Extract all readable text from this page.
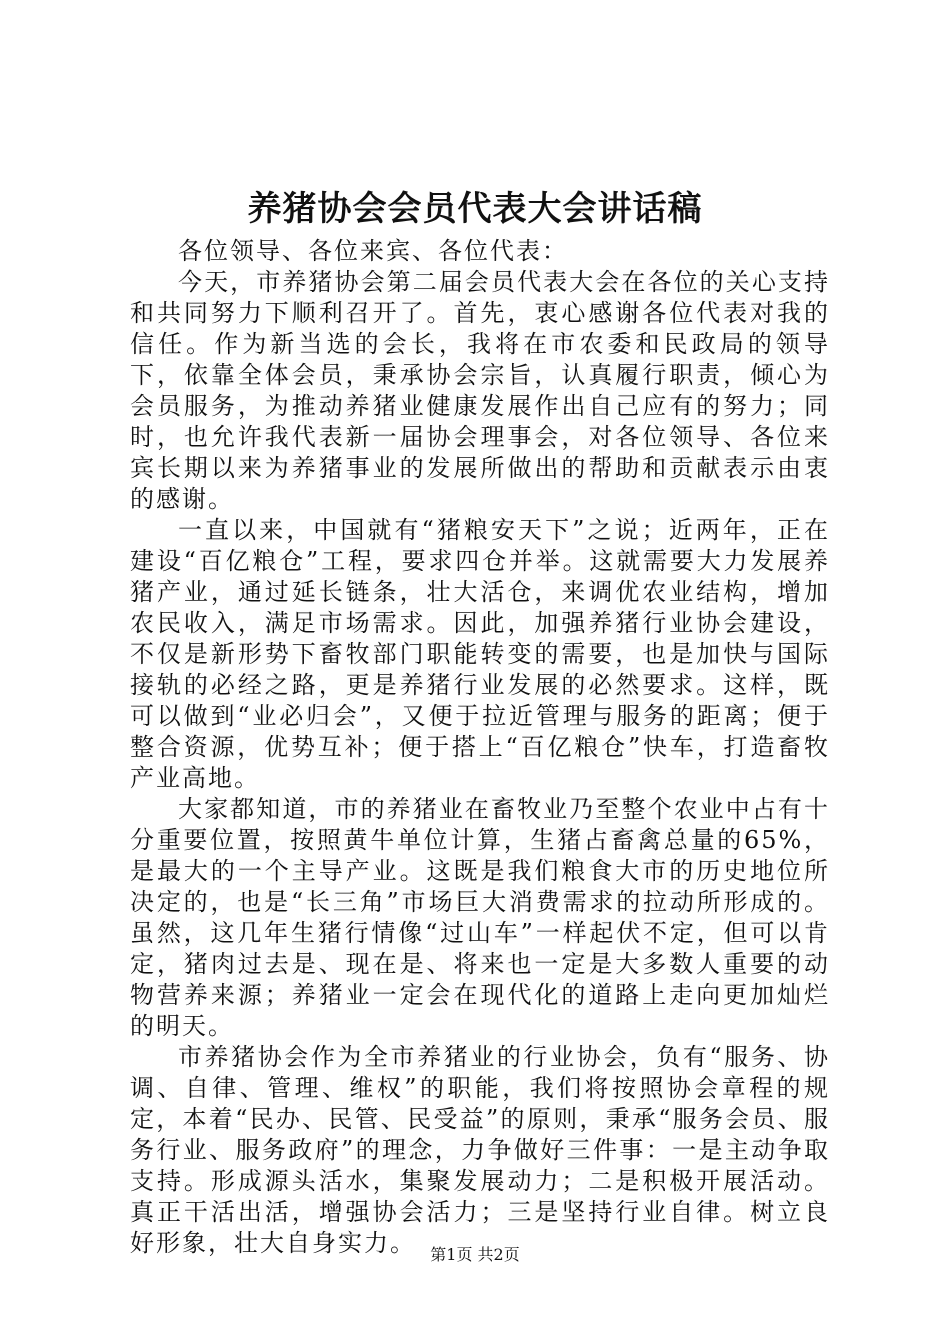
养猪协会会员代表大会讲话稿

各位领导、各位来宾、各位代表：

今天，市养猪协会第二届会员代表大会在各位的关心支持和共同努力下顺利召开了。首先，衷心感谢各位代表对我的信任。作为新当选的会长，我将在市农委和民政局的领导下，依靠全体会员，秉承协会宗旨，认真履行职责，倾心为会员服务，为推动养猪业健康发展作出自己应有的努力；同时，也允许我代表新一届协会理事会，对各位领导、各位来宾长期以来为养猪事业的发展所做出的帮助和贡献表示由衷的感谢。

一直以来，中国就有“猪粮安天下”之说；近两年，正在建设“百亿粮仓”工程，要求四仓并举。这就需要大力发展养猪产业，通过延长链条，壮大活仓，来调优农业结构，增加农民收入，满足市场需求。因此，加强养猪行业协会建设，不仅是新形势下畜牧部门职能转变的需要，也是加快与国际接轨的必经之路，更是养猪行业发展的必然要求。这样，既可以做到“业必归会”，又便于拉近管理与服务的距离；便于整合资源，优势互补；便于搭上“百亿粮仓”快车，打造畜牧产业高地。

大家都知道，市的养猪业在畜牧业乃至整个农业中占有十分重要位置，按照黄牛单位计算，生猪占畜禽总量的65%，是最大的一个主导产业。这既是我们粮食大市的历史地位所决定的，也是“长三角”市场巨大消费需求的拉动所形成的。虽然，这几年生猪行情像“过山车”一样起伏不定，但可以肯定，猪肉过去是、现在是、将来也一定是大多数人重要的动物营养来源；养猪业一定会在现代化的道路上走向更加灿烂的明天。

市养猪协会作为全市养猪业的行业协会，负有“服务、协调、自律、管理、维权”的职能，我们将按照协会章程的规定，本着“民办、民管、民受益”的原则，秉承“服务会员、服务行业、服务政府”的理念，力争做好三件事：一是主动争取支持。形成源头活水，集聚发展动力；二是积极开展活动。真正干活出活，增强协会活力；三是坚持行业自律。树立良好形象，壮大自身实力。 第1页 共2页
